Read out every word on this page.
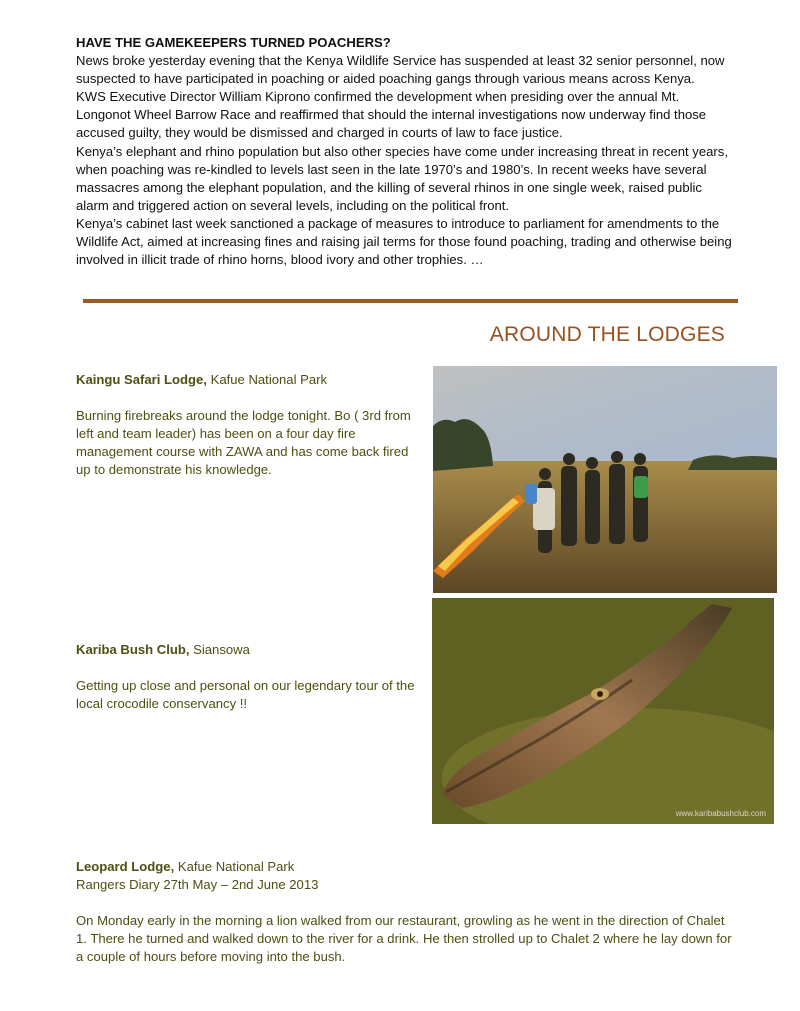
HAVE THE GAMEKEEPERS TURNED POACHERS?

News broke yesterday evening that the Kenya Wildlife Service has suspended at least 32 senior personnel, now suspected to have participated in poaching or aided poaching gangs through various means across Kenya.

KWS Executive Director William Kiprono confirmed the development when presiding over the annual Mt. Longonot Wheel Barrow Race and reaffirmed that should the internal investigations now underway find those accused guilty, they would be dismissed and charged in courts of law to face justice.

Kenya’s elephant and rhino population but also other species have come under increasing threat in recent years, when poaching was re-kindled to levels last seen in the late 1970’s and 1980’s. In recent weeks have several massacres among the elephant population, and the killing of several rhinos in one single week, raised public alarm and triggered action on several levels, including on the political front.

Kenya’s cabinet last week sanctioned a package of measures to introduce to parliament for amendments to the Wildlife Act, aimed at increasing fines and raising jail terms for those found poaching, trading and otherwise being involved in illicit trade of rhino horns, blood ivory and other trophies. …

AROUND THE LODGES
Kaingu Safari Lodge, Kafue National Park

Burning firebreaks around the lodge tonight. Bo ( 3rd from left and team leader) has been on a four day fire management course with ZAWA and has come back fired up to demonstrate his knowledge.

Kariba Bush Club, Siansowa

Getting up close and personal on our legendary tour of the local crocodile conservancy !!

www.karibabushclub.com
Leopard Lodge, Kafue National Park
Rangers Diary 27th May – 2nd June 2013

On Monday early in the morning a lion walked from our restaurant, growling as he went in the direction of Chalet 1. There he turned and walked down to the river for a drink. He then strolled up to Chalet 2 where he lay down for a couple of hours before moving into the bush.
